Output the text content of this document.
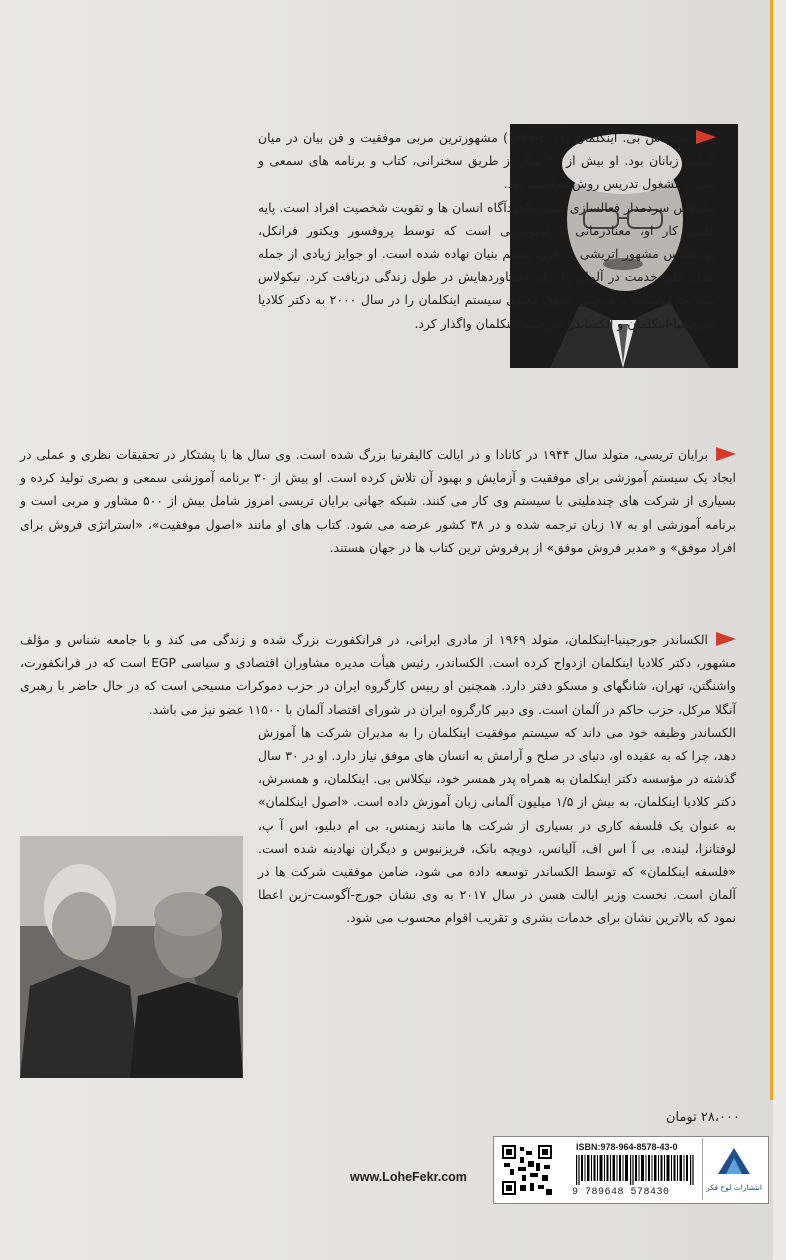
نیکولاس بی. اینکلمان (۲۰۱۷-۱۹۳۶) مشهورترین مربی موفقیت و فن بیان در میان آلمانی زبانان بود. او بیش از ۴۰ سال از طریق سخنرانی، کتاب و برنامه های سمعی و بصری مشغول تدریس روش موفقیت بود.

نیکولاس سردمدار فعالسازی ضمیر ناخودآگاه انسان ها و تقویت شخصیت افراد است. پایه علمی کار او، معنادرمانی یا لوگوتراپی است که توسط پروفسور ویکتور فرانکل، روانشناس مشهور اتریشی در قرن بیستم بنیان نهاده شده است. او جوایز زیادی از جمله نشان ملی خدمت در آلمان را برای دستاوردهایش در طول زندگی دریافت کرد. نیکولاس مدیریت مؤسسه و همچنین حقوق معنوی سیستم اینکلمان را در سال ۲۰۰۰ به دکتر کلادیا جورجینیا-اینکلمان و الکساندر جورجینیا-اینکلمان واگذار کرد.

برایان تریسی، متولد سال ۱۹۴۴ در کانادا و در ایالت کالیفرنیا بزرگ شده است. وی سال ها با پشتکار در تحقیقات نظری و عملی در ایجاد یک سیستم آموزشی برای موفقیت و آزمایش و بهبود آن تلاش کرده است. او بیش از ۳۰ برنامه آموزشی سمعی و بصری تولید کرده و بسیاری از شرکت های چندملیتی با سیستم وی کار می کنند. شبکه جهانی برایان تریسی امروز شامل بیش از ۵۰۰ مشاور و مربی است و برنامه آموزشی او به ۱۷ زبان ترجمه شده و در ۳۸ کشور عرضه می شود. کتاب های او مانند «اصول موفقیت»، «استراتژی فروش برای افراد موفق» و «مدیر فروش موفق» از پرفروش ترین کتاب ها در جهان هستند.

الکساندر جورجینیا-اینکلمان، متولد ۱۹۶۹ از مادری ایرانی، در فرانکفورت بزرگ شده و زندگی می کند و با جامعه شناس و مؤلف مشهور، دکتر کلادیا اینکلمان ازدواج کرده است. الکساندر، رئیس هیأت مدیره مشاوران اقتصادی و سیاسی EGP است که در فرانکفورت، واشنگتن، تهران، شانگهای و مسکو دفتر دارد. همچنین او رییس کارگروه ایران در حزب دموکرات مسیحی است که در حال حاضر با رهبری آنگلا مرکل، حزب حاکم در آلمان است. وی دبیر کارگروه ایران در شورای اقتصاد آلمان با ۱۱۵۰۰ عضو نیز می باشد.

الکساندر وظیفه خود می داند که سیستم موفقیت اینکلمان را به مدیران شرکت ها آموزش دهد، چرا که به عقیده او، دنیای در صلح و آرامش به انسان های موفق نیاز دارد. او در ۳۰ سال گذشته در مؤسسه دکتر اینکلمان به همراه پدر همسر خود، نیکلاس بی. اینکلمان، و همسرش، دکتر کلادیا اینکلمان، به بیش از ۱/۵ میلیون آلمانی زبان آموزش داده است. «اصول اینکلمان» به عنوان یک فلسفه کاری در بسیاری از شرکت ها مانند زیمنس، بی ام دبلیو، اس آ پ، لوفتانزا، لینده، بی آ اس اف، آلیانس، دویچه بانک، فریزنیوس و دیگران نهادینه شده است. «فلسفه اینکلمان» که توسط الکساندر توسعه داده می شود، ضامن موفقیت شرکت ها در آلمان است. نخست وزیر ایالت هسن در سال ۲۰۱۷ به وی نشان جورج-آگوست-زین اعطا نمود که بالاترین نشان برای خدمات بشری و تقریب اقوام محسوب می شود.

۲۸،۰۰۰ تومان
www.LoheFekr.com
ISBN:978-964-8578-43-0
9 789648 578430	انتشارات لوح فکر
